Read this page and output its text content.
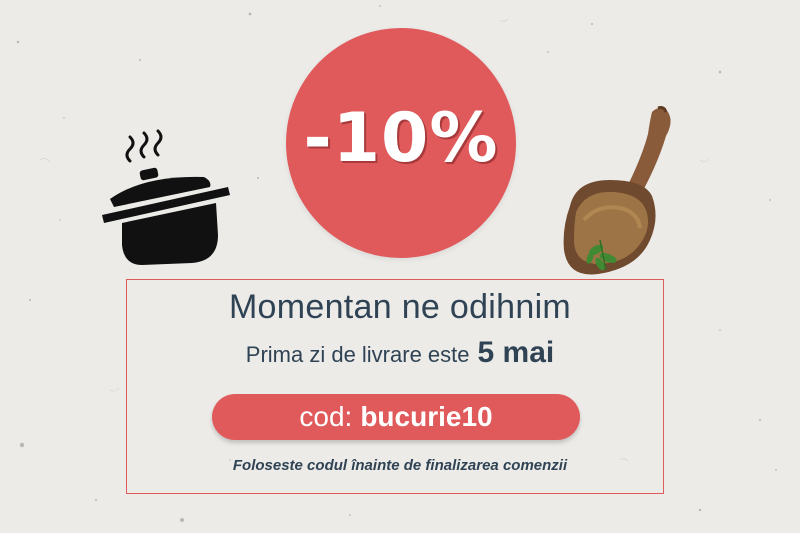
-10%
Momentan ne odihnim
Prima zi de livrare este 5 mai
cod: bucurie10
Foloseste codul înainte de finalizarea comenzii
